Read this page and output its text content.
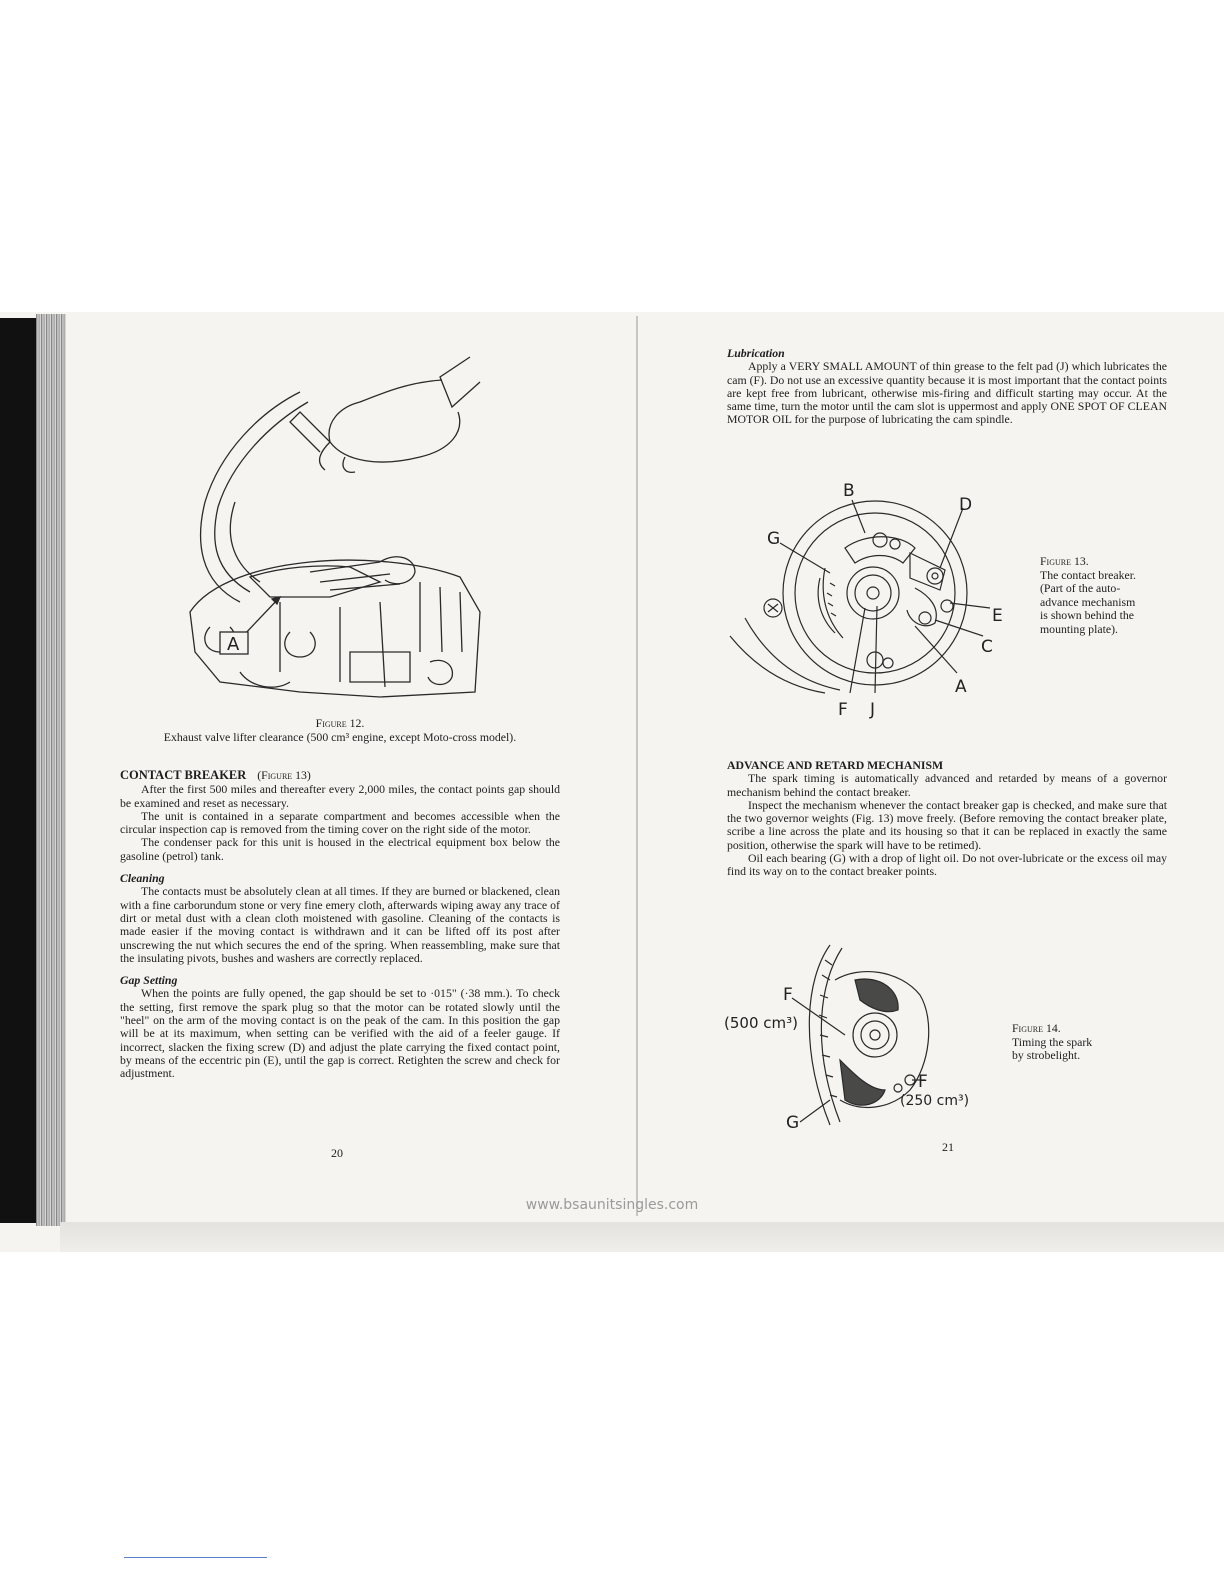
A
Figure 12.
Exhaust valve lifter clearance (500 cm³ engine, except Moto-cross model).
CONTACT BREAKER (Figure 13)

After the first 500 miles and thereafter every 2,000 miles, the contact points gap should be examined and reset as necessary.

The unit is contained in a separate compartment and becomes accessible when the circular inspection cap is removed from the timing cover on the right side of the motor.

The condenser pack for this unit is housed in the electrical equipment box below the gasoline (petrol) tank.

Cleaning

The contacts must be absolutely clean at all times. If they are burned or blackened, clean with a fine carborundum stone or very fine emery cloth, afterwards wiping away any trace of dirt or metal dust with a clean cloth moistened with gasoline. Cleaning of the contacts is made easier if the moving contact is withdrawn and it can be lifted off its post after unscrewing the nut which secures the end of the spring. When reassembling, make sure that the insulating pivots, bushes and washers are correctly replaced.

Gap Setting

When the points are fully opened, the gap should be set to ·015" (·38 mm.). To check the setting, first remove the spark plug so that the motor can be rotated slowly until the "heel" on the arm of the moving contact is on the peak of the cam. In this position the gap will be at its maximum, when setting can be verified with the aid of a feeler gauge. If incorrect, slacken the fixing screw (D) and adjust the plate carrying the fixed contact point, by means of the eccentric pin (E), until the gap is correct. Retighten the screw and check for adjustment.

20
Lubrication

Apply a VERY SMALL AMOUNT of thin grease to the felt pad (J) which lubricates the cam (F). Do not use an excessive quantity because it is most important that the contact points are kept free from lubricant, otherwise mis-firing and difficult starting may occur. At the same time, turn the motor until the cam slot is uppermost and apply ONE SPOT OF CLEAN MOTOR OIL for the purpose of lubricating the cam spindle.

B
D
G
E
C
A
F J
Figure 13.
The contact breaker.
(Part of the auto-
advance mechanism
is shown behind the
mounting plate).
ADVANCE AND RETARD MECHANISM

The spark timing is automatically advanced and retarded by means of a governor mechanism behind the contact breaker.

Inspect the mechanism whenever the contact breaker gap is checked, and make sure that the two governor weights (Fig. 13) move freely. (Before removing the contact breaker plate, scribe a line across the plate and its housing so that it can be replaced in exactly the same position, otherwise the spark will have to be retimed).

Oil each bearing (G) with a drop of light oil. Do not over-lubricate or the excess oil may find its way on to the contact breaker points.

F
(500 cm³)
F
(250 cm³)
G
Figure 14.
Timing the spark
by strobelight.
21
www.bsaunitsingles.com
